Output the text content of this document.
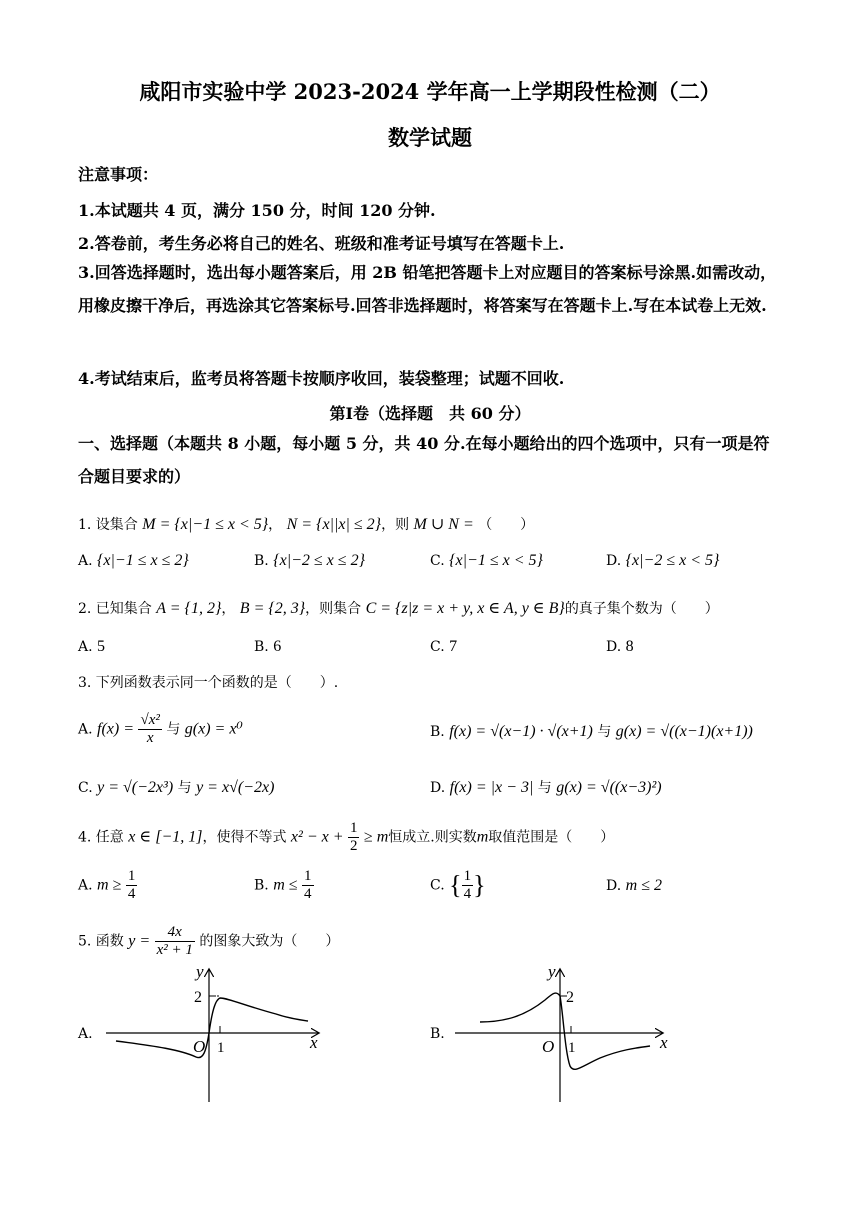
咸阳市实验中学 2023-2024 学年高一上学期段性检测（二）
数学试题
注意事项：
1.本试题共 4 页，满分 150 分，时间 120 分钟.
2.答卷前，考生务必将自己的姓名、班级和准考证号填写在答题卡上.
3.回答选择题时，选出每小题答案后，用 2B 铅笔把答题卡上对应题目的答案标号涂黑.如需改动，用橡皮擦干净后，再选涂其它答案标号.回答非选择题时，将答案写在答题卡上.写在本试卷上无效.
4.考试结束后，监考员将答题卡按顺序收回，装袋整理；试题不回收.
第Ⅰ卷（选择题　共 60 分）
一、选择题（本题共 8 小题，每小题 5 分，共 40 分.在每小题给出的四个选项中，只有一项是符合题目要求的）
1. 设集合 M = {x|−1 ≤ x < 5}， N = {x||x| ≤ 2}，则 M ∪ N = （　　）
A. {x|−1 ≤ x ≤ 2}	B. {x|−2 ≤ x ≤ 2}	C. {x|−1 ≤ x < 5}	D. {x|−2 ≤ x < 5}
2. 已知集合 A = {1, 2}， B = {2, 3}，则集合 C = {z|z = x + y, x ∈ A, y ∈ B}的真子集个数为（　　）
A. 5	B. 6	C. 7	D. 8
3. 下列函数表示同一个函数的是（　　）.
A. $f(x) = \frac{\text{√x²}}{x}$ 与 g(x) = x⁰	B. f(x) = √(x−1) · √(x+1) 与 g(x) = √((x−1)(x+1))
C. y = √(−2x³) 与 y = x√(−2x)	D. f(x) = |x − 3| 与 g(x) = √((x−3)²)
4. 任意 x ∈ [−1, 1]，使得不等式 $x^2 - x + \frac{1}{2} \ge m$恒成立.则实数m取值范围是（　　）
A. $m \ge \frac{1}{4}$	B. $m \le \frac{1}{4}$	C. { $\frac{1}{4}$ }	D. m ≤ 2
5. 函数 $y = \frac{4x}{\text{x² + 1}}$ 的图象大致为（　　）
A.
y
x
O 1
2
B.
y
x
O 1
2
